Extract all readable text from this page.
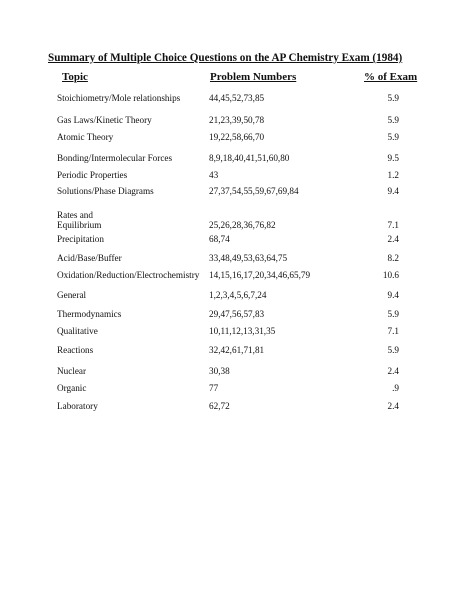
Summary of Multiple Choice Questions on the AP Chemistry Exam (1984)
Topic	Problem Numbers	% of Exam
Stoichiometry/Mole relationships	44,45,52,73,85	5.9
Gas Laws/Kinetic Theory	21,23,39,50,78	5.9
Atomic Theory	19,22,58,66,70	5.9
Bonding/Intermolecular Forces	8,9,18,40,41,51,60,80	9.5
Periodic Properties	43	1.2
Solutions/Phase Diagrams	27,37,54,55,59,67,69,84	9.4
Rates and Equilibrium	25,26,28,36,76,82	7.1
Precipitation	68,74	2.4
Acid/Base/Buffer	33,48,49,53,63,64,75	8.2
Oxidation/Reduction/Electrochemistry	14,15,16,17,20,34,46,65,79	10.6
General	1,2,3,4,5,6,7,24	9.4
Thermodynamics	29,47,56,57,83	5.9
Qualitative	10,11,12,13,31,35	7.1
Reactions	32,42,61,71,81	5.9
Nuclear	30,38	2.4
Organic	77	.9
Laboratory	62,72	2.4
